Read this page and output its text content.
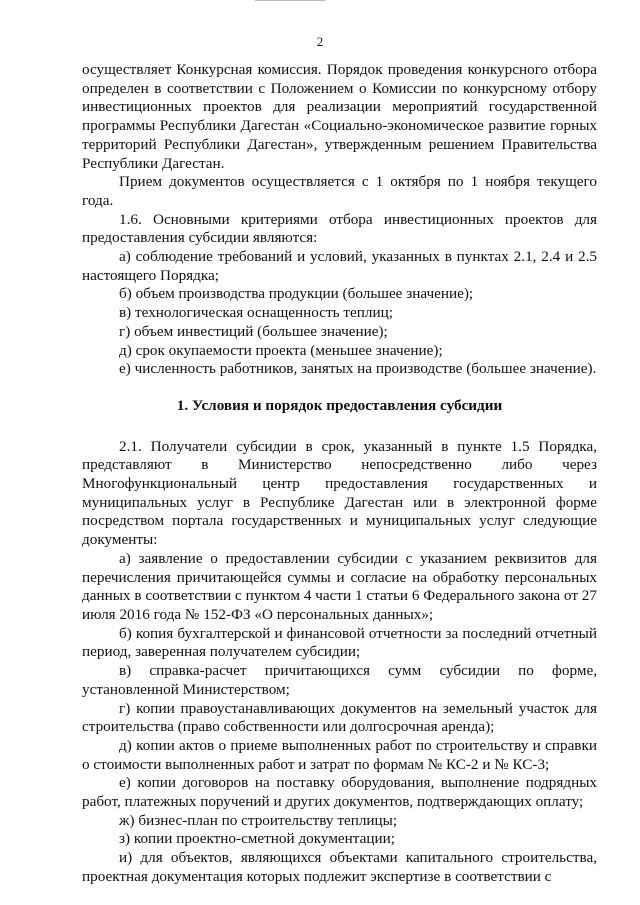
2

осуществляет Конкурсная комиссия. Порядок проведения конкурсного отбора определен в соответствии с Положением о Комиссии по конкурсному отбору инвестиционных проектов для реализации мероприятий государственной программы Республики Дагестан «Социально-экономическое развитие горных территорий Республики Дагестан», утвержденным решением Правительства Республики Дагестан.

Прием документов осуществляется с 1 октября по 1 ноября текущего года.

1.6. Основными критериями отбора инвестиционных проектов для предоставления субсидии являются:

а) соблюдение требований и условий, указанных в пунктах 2.1, 2.4 и 2.5 настоящего Порядка;

б) объем производства продукции (большее значение);

в) технологическая оснащенность теплиц;

г) объем инвестиций (большее значение);

д) срок окупаемости проекта (меньшее значение);

е) численность работников, занятых на производстве (большее значение).

1. Условия и порядок предоставления субсидии

2.1. Получатели субсидии в срок, указанный в пункте 1.5 Порядка, представляют в Министерство непосредственно либо через Многофункциональный центр предоставления государственных и муниципальных услуг в Республике Дагестан или в электронной форме посредством портала государственных и муниципальных услуг следующие документы:

а) заявление о предоставлении субсидии с указанием реквизитов для перечисления причитающейся суммы и согласие на обработку персональных данных в соответствии с пунктом 4 части 1 статьи 6 Федерального закона от 27 июля 2016 года № 152-ФЗ «О персональных данных»;

б) копия бухгалтерской и финансовой отчетности за последний отчетный период, заверенная получателем субсидии;

в) справка-расчет причитающихся сумм субсидии по форме, установленной Министерством;

г) копии правоустанавливающих документов на земельный участок для строительства (право собственности или долгосрочная аренда);

д) копии актов о приеме выполненных работ по строительству и справки о стоимости выполненных работ и затрат по формам № КС-2 и № КС-3;

е) копии договоров на поставку оборудования, выполнение подрядных работ, платежных поручений и других документов, подтверждающих оплату;

ж) бизнес-план по строительству теплицы;

з) копии проектно-сметной документации;

и) для объектов, являющихся объектами капитального строительства, проектная документация которых подлежит экспертизе в соответствии с
